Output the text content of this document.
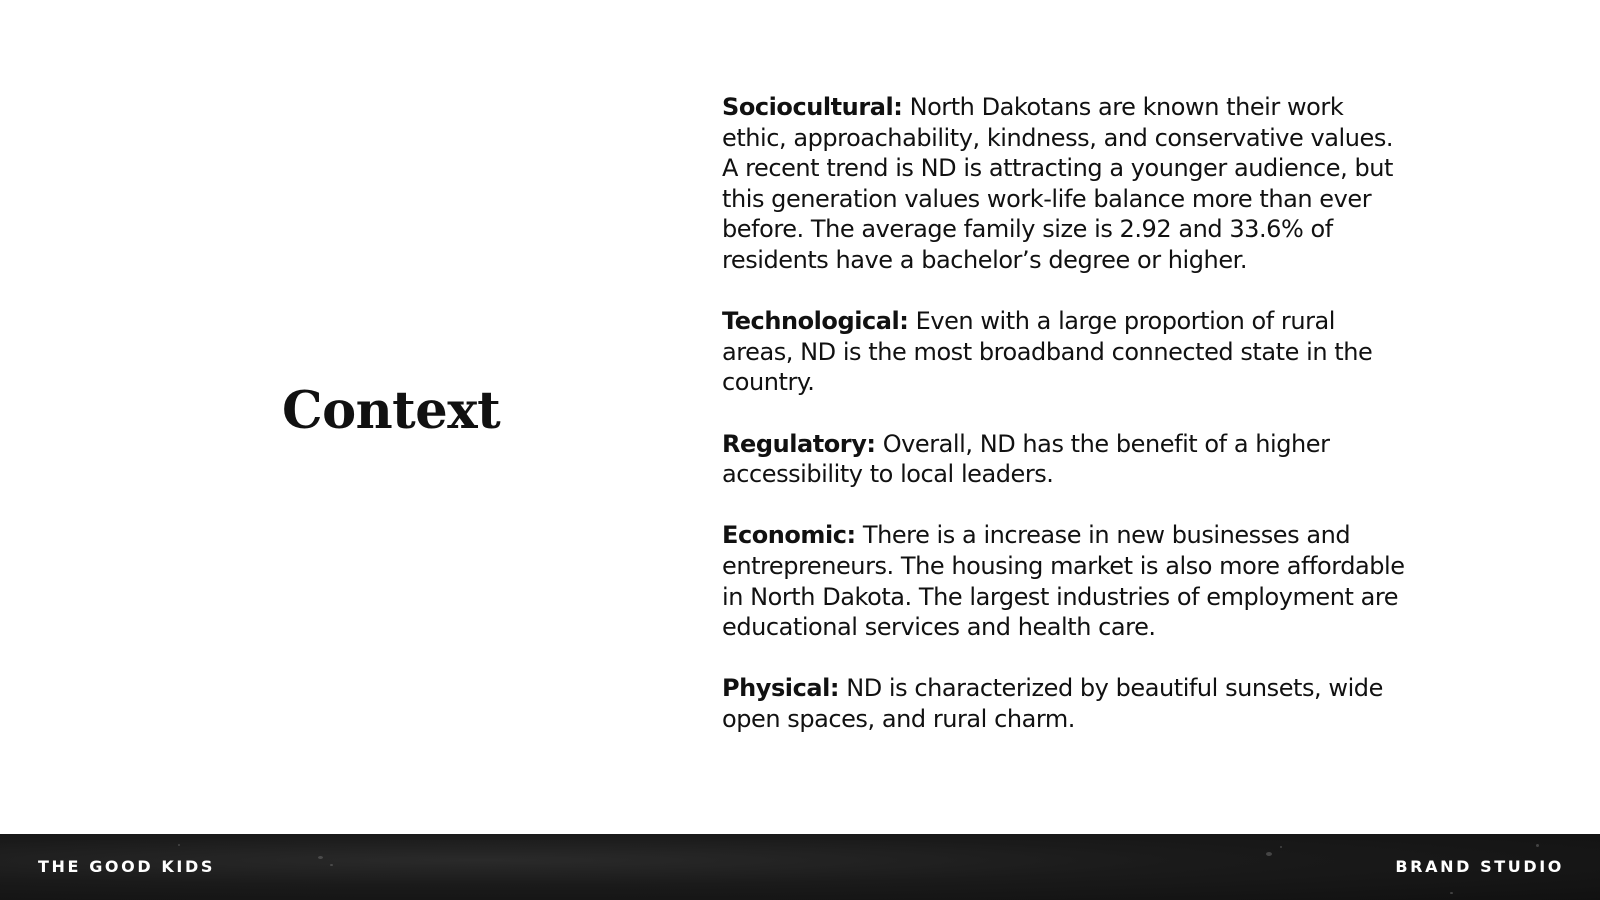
Context

Sociocultural: North Dakotans are known their work ethic, approachability, kindness, and conservative values. A recent trend is ND is attracting a younger audience, but this generation values work-life balance more than ever before. The average family size is 2.92 and 33.6% of residents have a bachelor’s degree or higher.

Technological: Even with a large proportion of rural areas, ND is the most broadband connected state in the country.

Regulatory: Overall, ND has the benefit of a higher accessibility to local leaders.

Economic: There is a increase in new businesses and entrepreneurs. The housing market is also more affordable in North Dakota. The largest industries of employment are educational services and health care.

Physical: ND is characterized by beautiful sunsets, wide open spaces, and rural charm.

THE GOOD KIDS	BRAND STUDIO
